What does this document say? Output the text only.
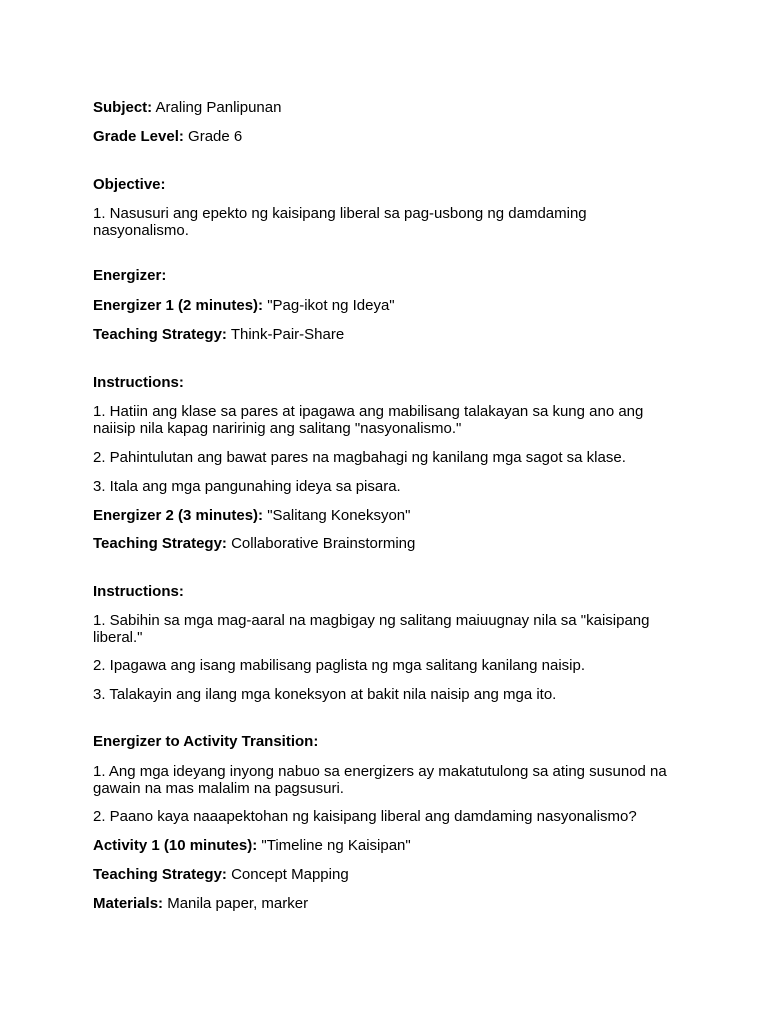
Subject: Araling Panlipunan

Grade Level: Grade 6

Objective:

1. Nasusuri ang epekto ng kaisipang liberal sa pag-usbong ng damdaming nasyonalismo.

Energizer:

Energizer 1 (2 minutes): "Pag-ikot ng Ideya"

Teaching Strategy: Think-Pair-Share

Instructions:

1. Hatiin ang klase sa pares at ipagawa ang mabilisang talakayan sa kung ano ang naiisip nila kapag naririnig ang salitang "nasyonalismo."

2. Pahintulutan ang bawat pares na magbahagi ng kanilang mga sagot sa klase.

3. Itala ang mga pangunahing ideya sa pisara.

Energizer 2 (3 minutes): "Salitang Koneksyon"

Teaching Strategy: Collaborative Brainstorming

Instructions:

1. Sabihin sa mga mag-aaral na magbigay ng salitang maiuugnay nila sa "kaisipang liberal."

2. Ipagawa ang isang mabilisang paglista ng mga salitang kanilang naisip.

3. Talakayin ang ilang mga koneksyon at bakit nila naisip ang mga ito.

Energizer to Activity Transition:

1. Ang mga ideyang inyong nabuo sa energizers ay makatutulong sa ating susunod na gawain na mas malalim na pagsusuri.

2. Paano kaya naaapektohan ng kaisipang liberal ang damdaming nasyonalismo?

Activity 1 (10 minutes): "Timeline ng Kaisipan"

Teaching Strategy: Concept Mapping

Materials: Manila paper, marker
